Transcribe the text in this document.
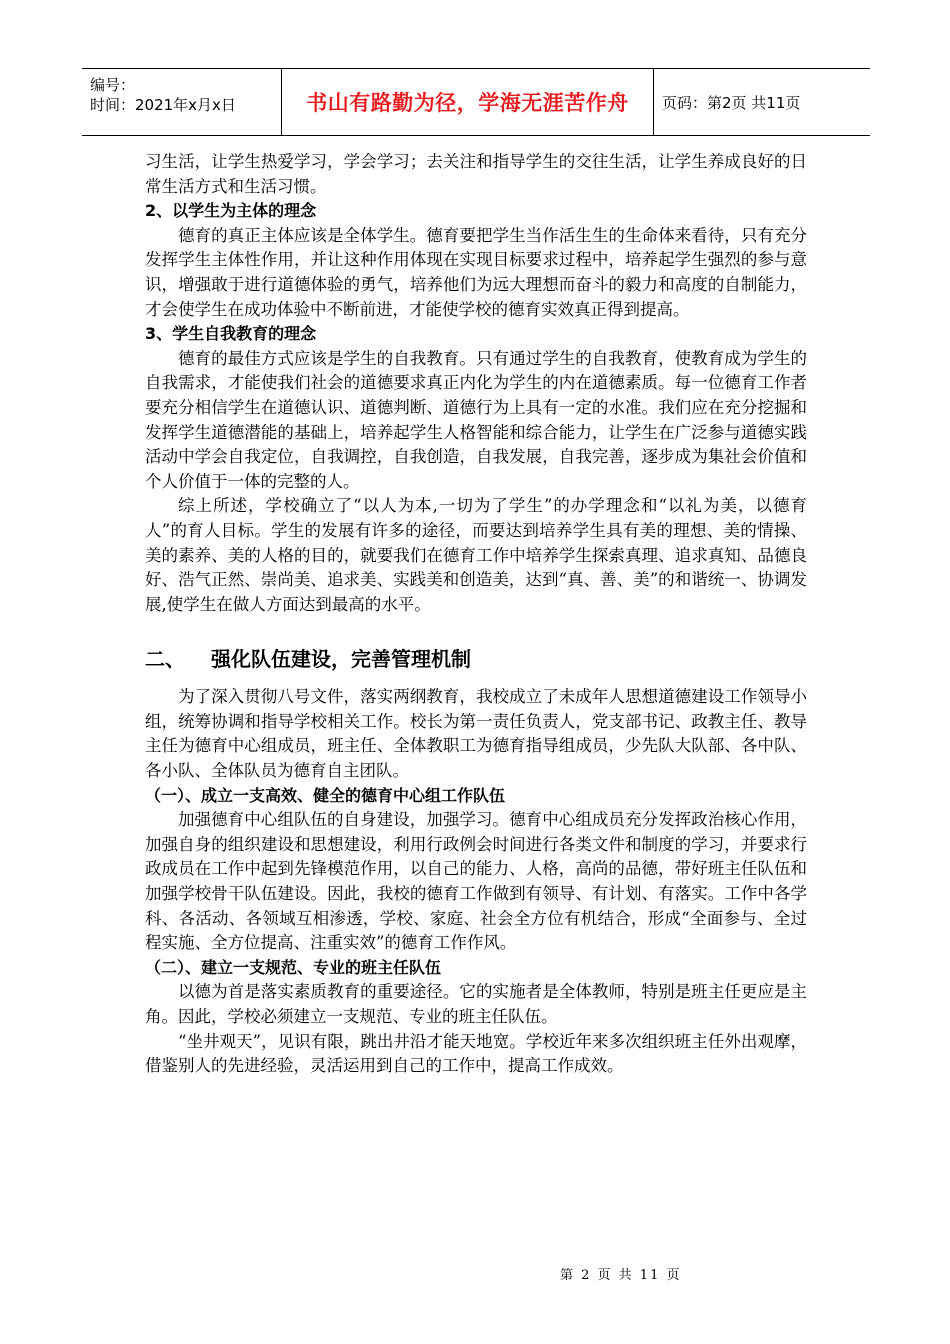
编号：
时间：2021年x月x日	书山有路勤为径，学海无涯苦作舟	页码：第2页 共11页

习生活，让学生热爱学习，学会学习；去关注和指导学生的交往生活，让学生养成良好的日常生活方式和生活习惯。

2、以学生为主体的理念

德育的真正主体应该是全体学生。德育要把学生当作活生生的生命体来看待，只有充分发挥学生主体性作用，并让这种作用体现在实现目标要求过程中，培养起学生强烈的参与意识，增强敢于进行道德体验的勇气，培养他们为远大理想而奋斗的毅力和高度的自制能力，才会使学生在成功体验中不断前进，才能使学校的德育实效真正得到提高。

3、学生自我教育的理念

德育的最佳方式应该是学生的自我教育。只有通过学生的自我教育，使教育成为学生的自我需求，才能使我们社会的道德要求真正内化为学生的内在道德素质。每一位德育工作者要充分相信学生在道德认识、道德判断、道德行为上具有一定的水准。我们应在充分挖掘和发挥学生道德潜能的基础上，培养起学生人格智能和综合能力，让学生在广泛参与道德实践活动中学会自我定位，自我调控，自我创造，自我发展，自我完善，逐步成为集社会价值和个人价值于一体的完整的人。

综上所述，学校确立了“以人为本,一切为了学生”的办学理念和“以礼为美，以德育人”的育人目标。学生的发展有许多的途径，而要达到培养学生具有美的理想、美的情操、美的素养、美的人格的目的，就要我们在德育工作中培养学生探索真理、追求真知、品德良好、浩气正然、崇尚美、追求美、实践美和创造美，达到“真、善、美”的和谐统一、协调发展,使学生在做人方面达到最高的水平。

二、	强化队伍建设，完善管理机制

为了深入贯彻八号文件，落实两纲教育，我校成立了未成年人思想道德建设工作领导小组，统筹协调和指导学校相关工作。校长为第一责任负责人，党支部书记、政教主任、教导主任为德育中心组成员，班主任、全体教职工为德育指导组成员，少先队大队部、各中队、各小队、全体队员为德育自主团队。

（一）、成立一支高效、健全的德育中心组工作队伍

加强德育中心组队伍的自身建设，加强学习。德育中心组成员充分发挥政治核心作用，加强自身的组织建设和思想建设，利用行政例会时间进行各类文件和制度的学习，并要求行政成员在工作中起到先锋模范作用，以自己的能力、人格，高尚的品德，带好班主任队伍和加强学校骨干队伍建设。因此，我校的德育工作做到有领导、有计划、有落实。工作中各学科、各活动、各领域互相渗透，学校、家庭、社会全方位有机结合，形成“全面参与、全过程实施、全方位提高、注重实效”的德育工作作风。

（二）、建立一支规范、专业的班主任队伍

以德为首是落实素质教育的重要途径。它的实施者是全体教师，特别是班主任更应是主角。因此，学校必须建立一支规范、专业的班主任队伍。

“坐井观天”，见识有限，跳出井沿才能天地宽。学校近年来多次组织班主任外出观摩，借鉴别人的先进经验，灵活运用到自己的工作中，提高工作成效。

第 2 页 共 11 页
